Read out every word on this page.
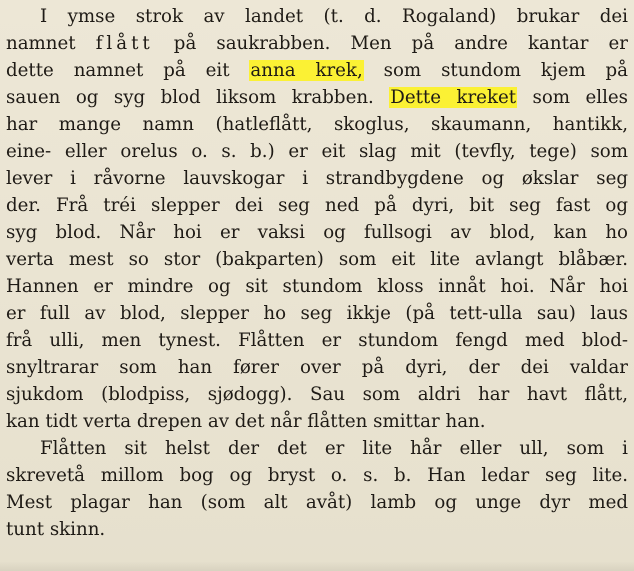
I ymse strok av landet (t. d. Rogaland) brukar dei
namnet flått på saukrabben. Men på andre kantar er
dette namnet på eit anna krek, som stundom kjem på
sauen og syg blod liksom krabben. Dette kreket som elles
har mange namn (hatleflått, skoglus, skaumann, hantikk,
eine- eller orelus o. s. b.) er eit slag mit (tevfly, tege) som
lever i råvorne lauvskogar i strandbygdene og økslar seg
der. Frå tréi slepper dei seg ned på dyri, bit seg fast og
syg blod. Når hoi er vaksi og fullsogi av blod, kan ho
verta mest so stor (bakparten) som eit lite avlangt blåbær.
Hannen er mindre og sit stundom kloss innåt hoi. Når hoi
er full av blod, slepper ho seg ikkje (på tett-ulla sau) laus
frå ulli, men tynest. Flåtten er stundom fengd med blod-
snyltrarar som han fører over på dyri, der dei valdar
sjukdom (blodpiss, sjødogg). Sau som aldri har havt flått,
kan tidt verta drepen av det når flåtten smittar han.
Flåtten sit helst der det er lite hår eller ull, som i
skrevetå millom bog og bryst o. s. b. Han ledar seg lite.
Mest plagar han (som alt avåt) lamb og unge dyr med
tunt skinn.
